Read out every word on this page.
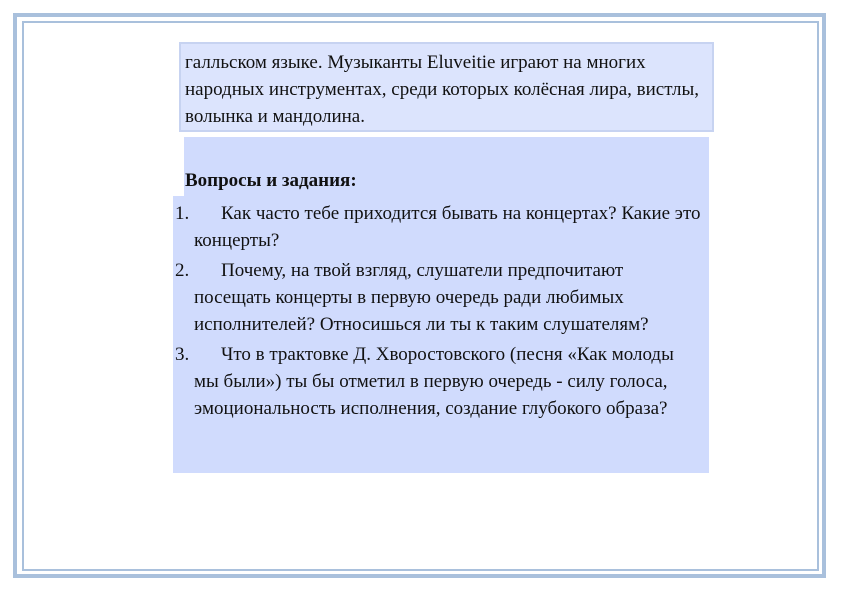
галльском языке. Музыканты Eluveitie играют на многих народных инструментах, среди которых колёсная лира, вистлы, волынка и мандолина.
Вопросы и задания:
1.	Как часто тебе приходится бывать на концертах? Какие это концерты?
2.	Почему, на твой взгляд, слушатели предпочитают посещать концерты в первую очередь ради любимых исполнителей? Относишься ли ты к таким слушателям?
3.	Что в трактовке Д. Хворостовского (песня «Как молоды мы были») ты бы отметил в первую очередь - силу голоса, эмоциональность исполнения, создание глубокого образа?
